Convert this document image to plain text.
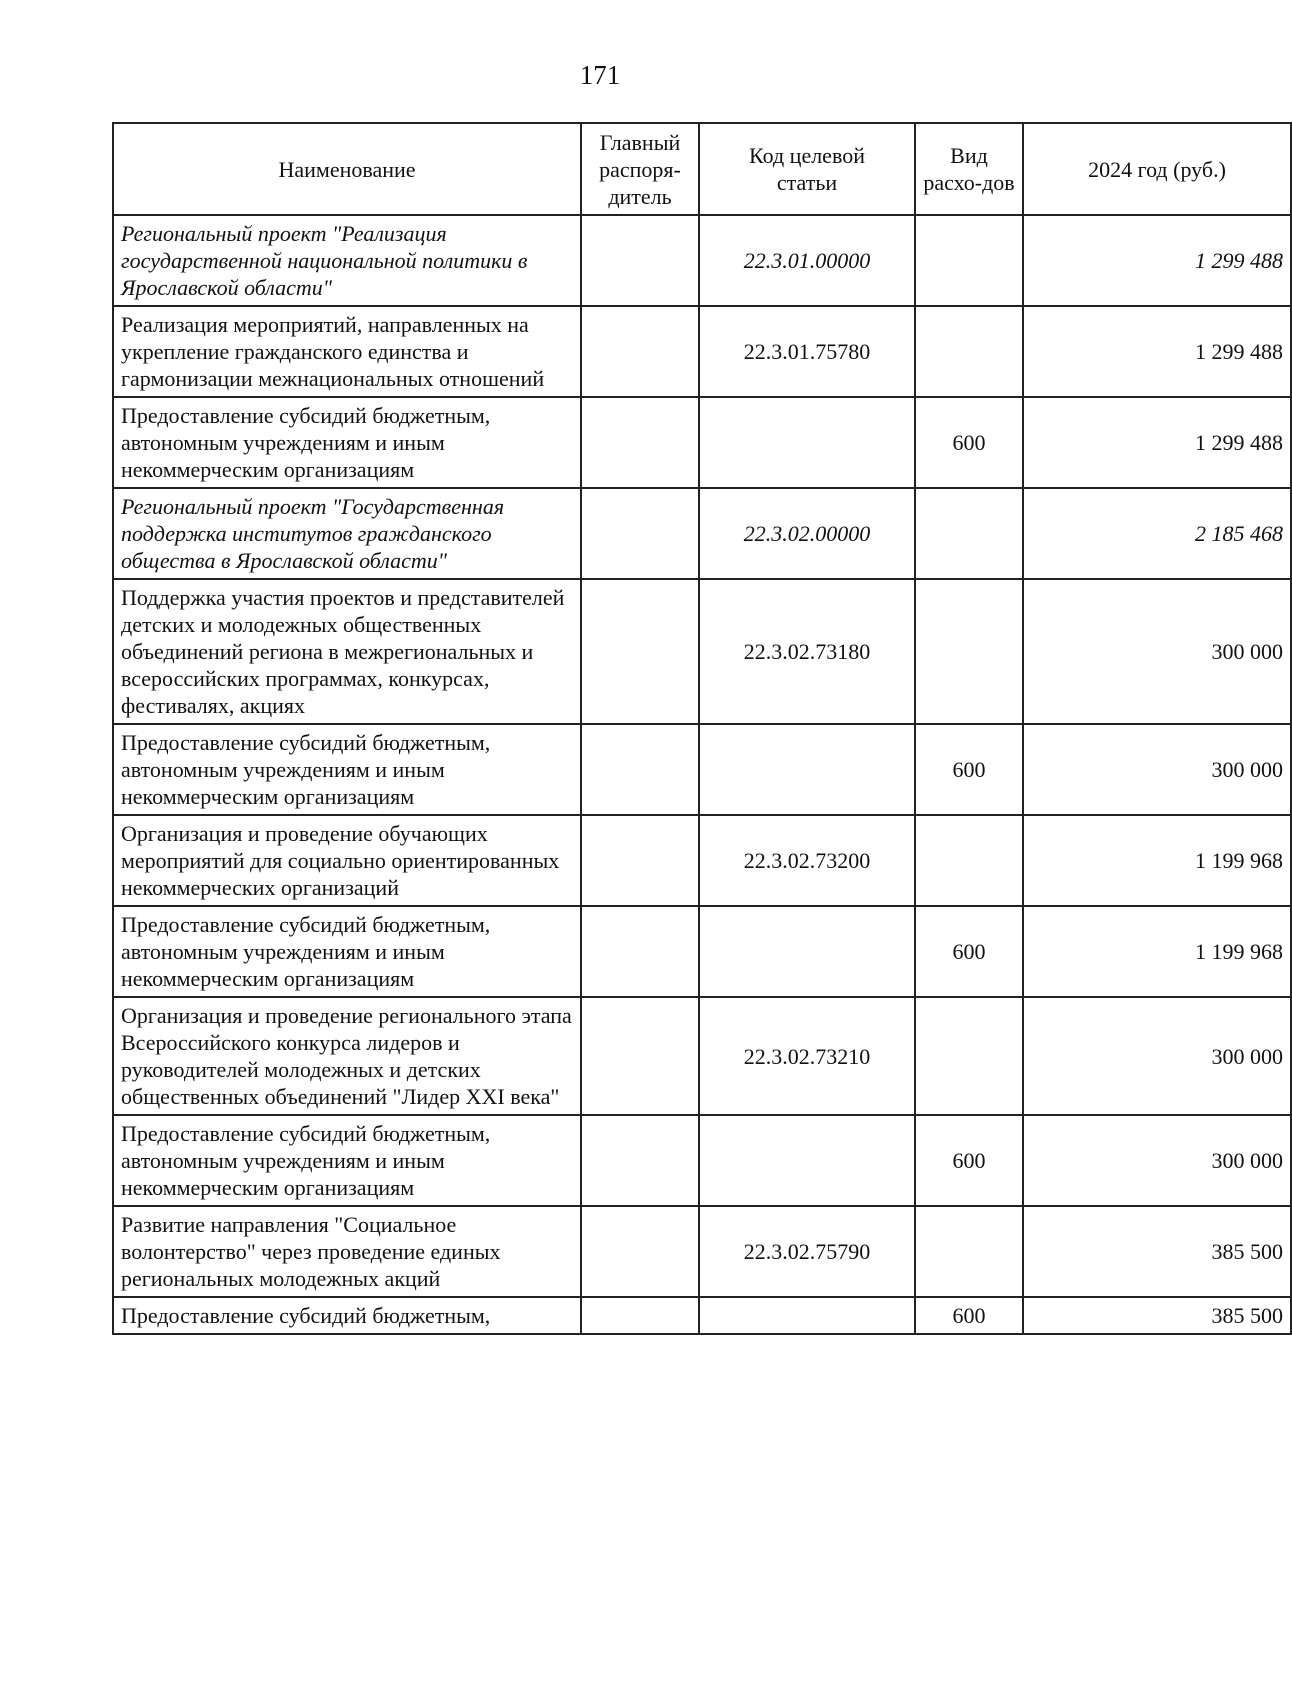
171
Наименование	Главный распоря-дитель	Код целевой статьи	Вид расхо-дов	2024 год (руб.)
Региональный проект "Реализация государственной национальной политики в Ярославской области"		22.3.01.00000		1 299 488
Реализация мероприятий, направленных на укрепление гражданского единства и гармонизации межнациональных отношений		22.3.01.75780		1 299 488
Предоставление субсидий бюджетным, автономным учреждениям и иным некоммерческим организациям			600	1 299 488
Региональный проект "Государственная поддержка институтов гражданского общества в Ярославской области"		22.3.02.00000		2 185 468
Поддержка участия проектов и представителей детских и молодежных общественных объединений региона в межрегиональных и всероссийских программах, конкурсах, фестивалях, акциях		22.3.02.73180		300 000
Предоставление субсидий бюджетным, автономным учреждениям и иным некоммерческим организациям			600	300 000
Организация и проведение обучающих мероприятий для социально ориентированных некоммерческих организаций		22.3.02.73200		1 199 968
Предоставление субсидий бюджетным, автономным учреждениям и иным некоммерческим организациям			600	1 199 968
Организация и проведение регионального этапа Всероссийского конкурса лидеров и руководителей молодежных и детских общественных объединений "Лидер XXI века"		22.3.02.73210		300 000
Предоставление субсидий бюджетным, автономным учреждениям и иным некоммерческим организациям			600	300 000
Развитие направления "Социальное волонтерство" через проведение единых региональных молодежных акций		22.3.02.75790		385 500
Предоставление субсидий бюджетным,			600	385 500
